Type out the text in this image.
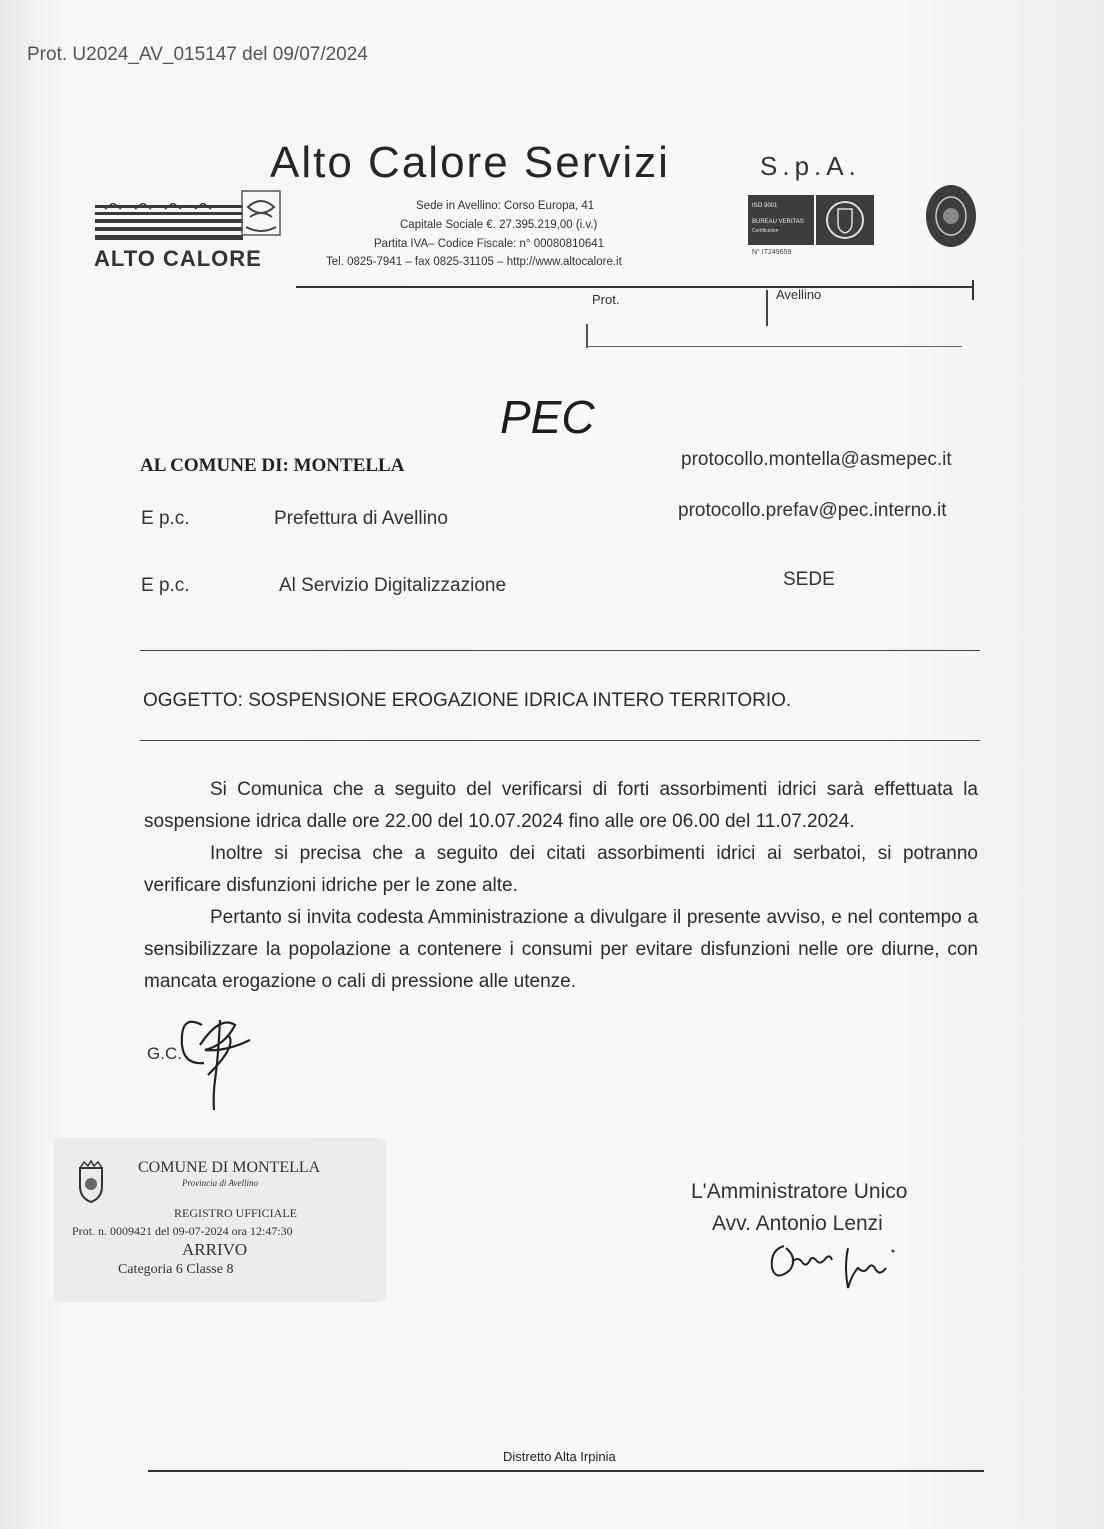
Prot. U2024_AV_015147 del 09/07/2024
Alto Calore Servizi	S.p.A.
ALTO CALORE
Sede in Avellino: Corso Europa, 41
Capitale Sociale €. 27.395.219,00 (i.v.)
Partita IVA– Codice Fiscale: n° 00080810641
Tel. 0825-7941 – fax 0825-31105 – http://www.altocalore.it
ISO 9001
BUREAU VERITAS
Certification
N° IT249659
Prot.	Avellino
PEC
AL COMUNE DI: MONTELLA	protocollo.montella@asmepec.it
E p.c.	Prefettura di Avellino	protocollo.prefav@pec.interno.it
E p.c.	Al Servizio Digitalizzazione	SEDE
OGGETTO: SOSPENSIONE EROGAZIONE IDRICA INTERO TERRITORIO.

Si Comunica che a seguito del verificarsi di forti assorbimenti idrici sarà effettuata la sospensione idrica dalle ore 22.00 del 10.07.2024 fino alle ore 06.00 del 11.07.2024.

Inoltre si precisa che a seguito dei citati assorbimenti idrici ai serbatoi, si potranno verificare disfunzioni idriche per le zone alte.

Pertanto si invita codesta Amministrazione a divulgare il presente avviso, e nel contempo a sensibilizzare la popolazione a contenere i consumi per evitare disfunzioni nelle ore diurne, con mancata erogazione o cali di pressione alle utenze.

G.C.
COMUNE DI MONTELLA
Provincia di Avellino
REGISTRO UFFICIALE
Prot. n. 0009421 del 09-07-2024 ora 12:47:30
ARRIVO
Categoria 6 Classe 8
L'Amministratore Unico
Avv. Antonio Lenzi
Distretto Alta Irpinia
